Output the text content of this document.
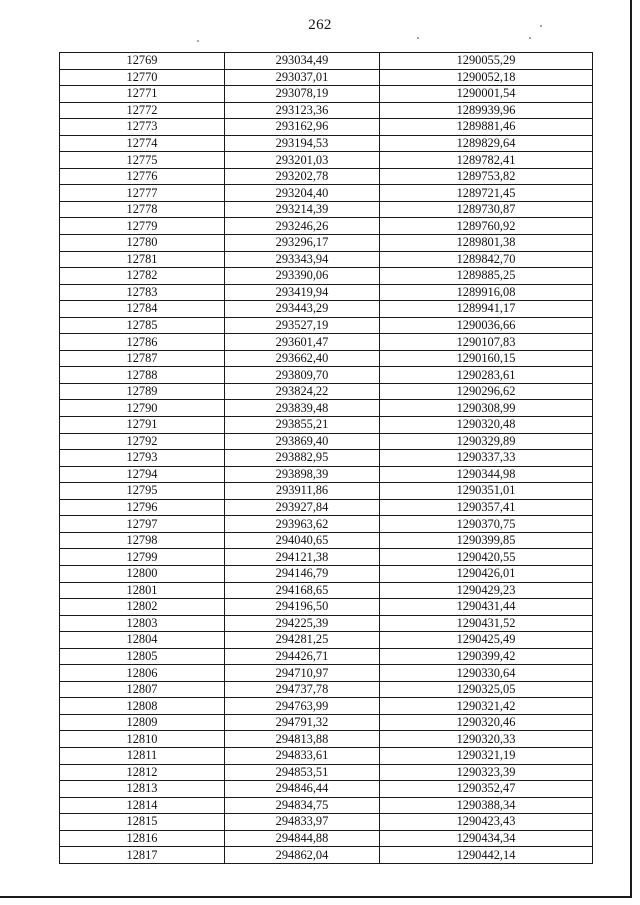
262
12769	293034,49	1290055,29
12770	293037,01	1290052,18
12771	293078,19	1290001,54
12772	293123,36	1289939,96
12773	293162,96	1289881,46
12774	293194,53	1289829,64
12775	293201,03	1289782,41
12776	293202,78	1289753,82
12777	293204,40	1289721,45
12778	293214,39	1289730,87
12779	293246,26	1289760,92
12780	293296,17	1289801,38
12781	293343,94	1289842,70
12782	293390,06	1289885,25
12783	293419,94	1289916,08
12784	293443,29	1289941,17
12785	293527,19	1290036,66
12786	293601,47	1290107,83
12787	293662,40	1290160,15
12788	293809,70	1290283,61
12789	293824,22	1290296,62
12790	293839,48	1290308,99
12791	293855,21	1290320,48
12792	293869,40	1290329,89
12793	293882,95	1290337,33
12794	293898,39	1290344,98
12795	293911,86	1290351,01
12796	293927,84	1290357,41
12797	293963,62	1290370,75
12798	294040,65	1290399,85
12799	294121,38	1290420,55
12800	294146,79	1290426,01
12801	294168,65	1290429,23
12802	294196,50	1290431,44
12803	294225,39	1290431,52
12804	294281,25	1290425,49
12805	294426,71	1290399,42
12806	294710,97	1290330,64
12807	294737,78	1290325,05
12808	294763,99	1290321,42
12809	294791,32	1290320,46
12810	294813,88	1290320,33
12811	294833,61	1290321,19
12812	294853,51	1290323,39
12813	294846,44	1290352,47
12814	294834,75	1290388,34
12815	294833,97	1290423,43
12816	294844,88	1290434,34
12817	294862,04	1290442,14
